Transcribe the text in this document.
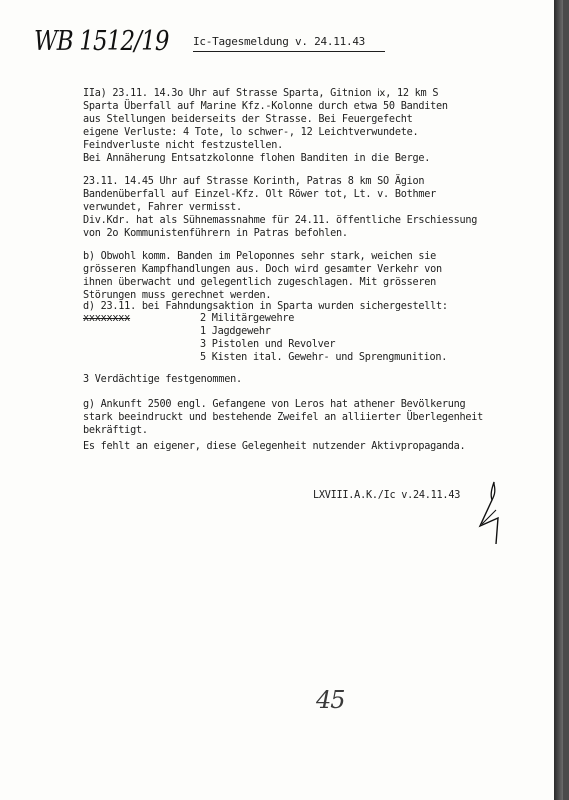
WB 1512/19 Ic-Tagesmeldung v. 24.11.43
IIa) 23.11. 14.3o Uhr auf Strasse Sparta, Gitnion ⅸ, 12 km S
Sparta Überfall auf Marine Kfz.-Kolonne durch etwa 50 Banditen
aus Stellungen beiderseits der Strasse. Bei Feuergefecht
eigene Verluste: 4 Tote, lo schwer-, 12 Leichtverwundete.
Feindverluste nicht festzustellen.
Bei Annäherung Entsatzkolonne flohen Banditen in die Berge.
23.11. 14.45 Uhr auf Strasse Korinth, Patras 8 km SO Ägion
Bandenüberfall auf Einzel-Kfz. Olt Röwer tot, Lt. v. Bothmer
verwundet, Fahrer vermisst.
Div.Kdr. hat als Sühnemassnahme für 24.11. öffentliche Erschiessung
von 2o Kommunistenführern in Patras befohlen.
b) Obwohl komm. Banden im Peloponnes sehr stark, weichen sie
grösseren Kampfhandlungen aus. Doch wird gesamter Verkehr von
ihnen überwacht und gelegentlich zugeschlagen. Mit grösseren
Störungen muss gerechnet werden.
d) 23.11. bei Fahndungsaktion in Sparta wurden sichergestellt:
xxxxxxxx	2 Militärgewehre
1 Jagdgewehr
3 Pistolen und Revolver
5 Kisten ital. Gewehr- und Sprengmunition.
3 Verdächtige festgenommen.
g) Ankunft 2500 engl. Gefangene von Leros hat athener Bevölkerung
stark beeindruckt und bestehende Zweifel an alliierter Überlegenheit
bekräftigt.
Es fehlt an eigener, diese Gelegenheit nutzender Aktivpropaganda.
LXVIII.A.K./Ic v.24.11.43
45
